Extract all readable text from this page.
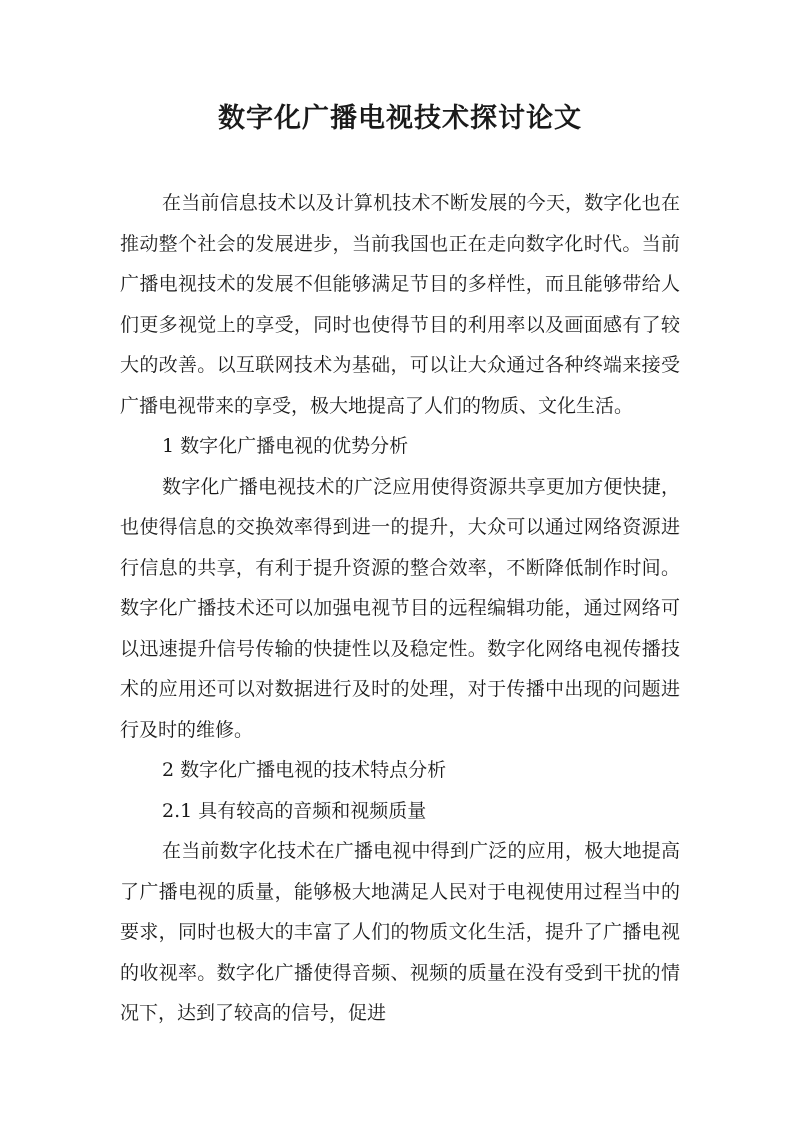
数字化广播电视技术探讨论文

在当前信息技术以及计算机技术不断发展的今天，数字化也在推动整个社会的发展进步，当前我国也正在走向数字化时代。当前广播电视技术的发展不但能够满足节目的多样性，而且能够带给人们更多视觉上的享受，同时也使得节目的利用率以及画面感有了较大的改善。以互联网技术为基础，可以让大众通过各种终端来接受广播电视带来的享受，极大地提高了人们的物质、文化生活。

1 数字化广播电视的优势分析

数字化广播电视技术的广泛应用使得资源共享更加方便快捷，也使得信息的交换效率得到进一的提升，大众可以通过网络资源进行信息的共享，有利于提升资源的整合效率，不断降低制作时间。数字化广播技术还可以加强电视节目的远程编辑功能，通过网络可以迅速提升信号传输的快捷性以及稳定性。数字化网络电视传播技术的应用还可以对数据进行及时的处理，对于传播中出现的问题进行及时的维修。

2 数字化广播电视的技术特点分析

2.1 具有较高的音频和视频质量

在当前数字化技术在广播电视中得到广泛的应用，极大地提高了广播电视的质量，能够极大地满足人民对于电视使用过程当中的要求，同时也极大的丰富了人们的物质文化生活，提升了广播电视的收视率。数字化广播使得音频、视频的质量在没有受到干扰的情况下，达到了较高的信号，促进
